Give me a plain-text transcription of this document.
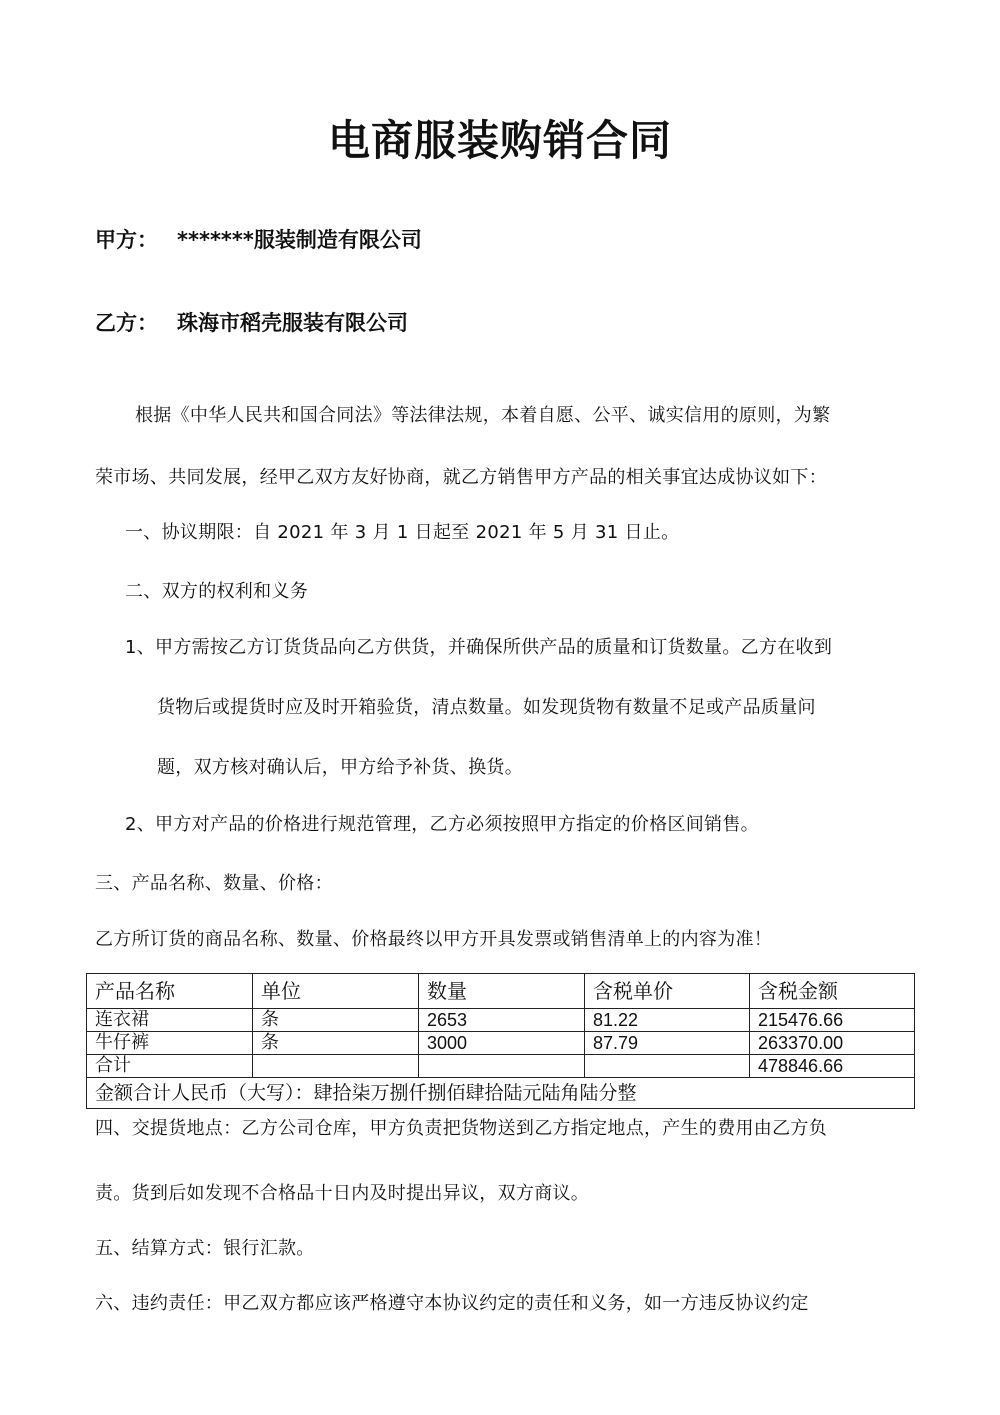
电商服装购销合同
甲方： *******服装制造有限公司
乙方： 珠海市稻壳服装有限公司
根据《中华人民共和国合同法》等法律法规，本着自愿、公平、诚实信用的原则，为繁
荣市场、共同发展，经甲乙双方友好协商，就乙方销售甲方产品的相关事宜达成协议如下：
一、协议期限：自 2021 年 3 月 1 日起至 2021 年 5 月 31 日止。
二、双方的权利和义务
1、甲方需按乙方订货货品向乙方供货，并确保所供产品的质量和订货数量。乙方在收到
货物后或提货时应及时开箱验货，清点数量。如发现货物有数量不足或产品质量问
题，双方核对确认后，甲方给予补货、换货。
2、甲方对产品的价格进行规范管理，乙方必须按照甲方指定的价格区间销售。
三、产品名称、数量、价格：
乙方所订货的商品名称、数量、价格最终以甲方开具发票或销售清单上的内容为准！
产品名称	单位	数量	含税单价	含税金额
连衣裙	条	2653	81.22	215476.66
牛仔裤	条	3000	87.79	263370.00
合计				478846.66
金额合计人民币（大写）：肆拾柒万捌仟捌佰肆拾陆元陆角陆分整				
四、交提货地点：乙方公司仓库，甲方负责把货物送到乙方指定地点，产生的费用由乙方负
责。货到后如发现不合格品十日内及时提出异议，双方商议。
五、结算方式：银行汇款。
六、违约责任：甲乙双方都应该严格遵守本协议约定的责任和义务，如一方违反协议约定
